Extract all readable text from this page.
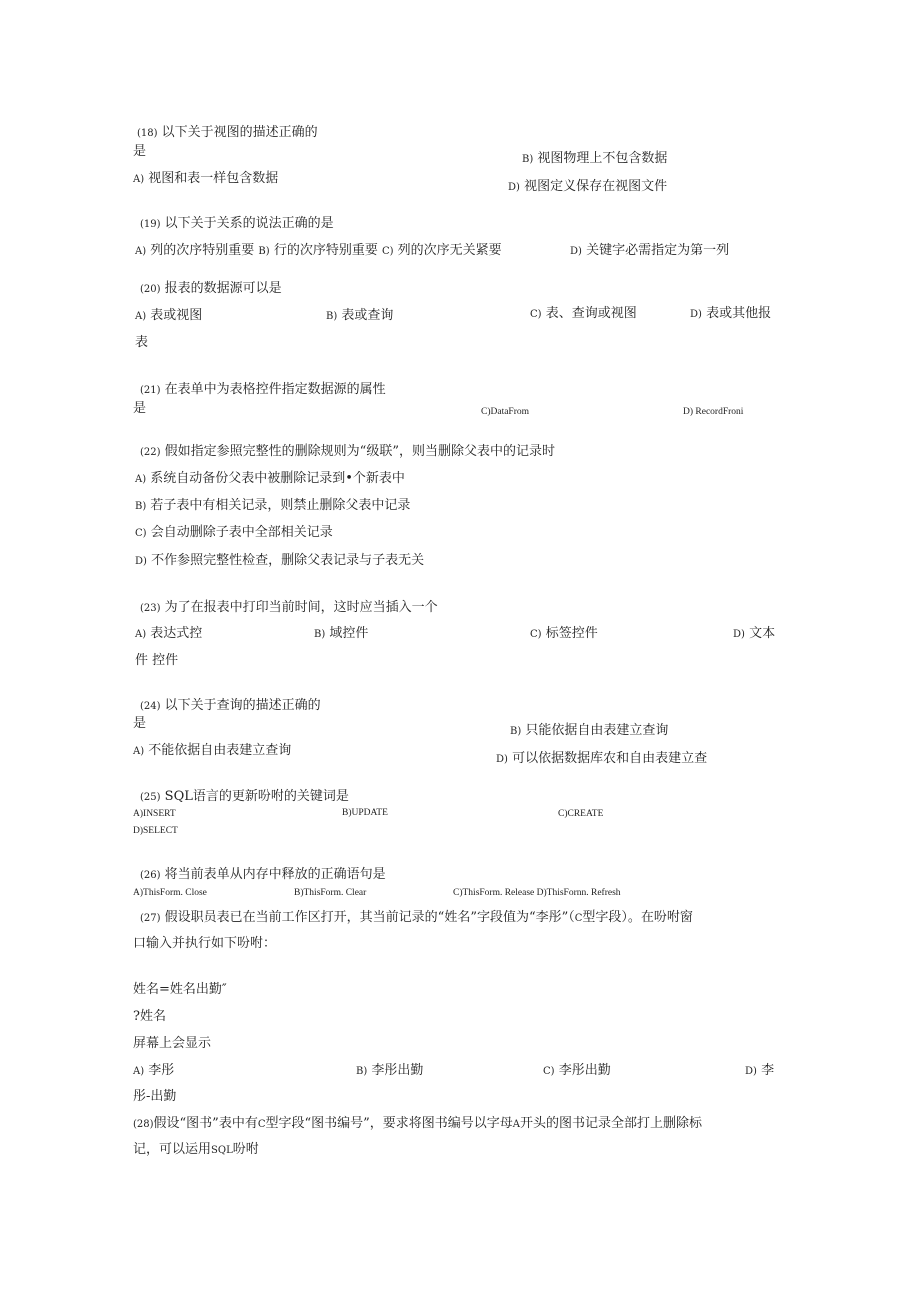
(18) 以下关于视图的描述正确的
是
B) 视图物理上不包含数据
A) 视图和表一样包含数据
D) 视图定义保存在视图文件
(19) 以下关于关系的说法正确的是
A) 列的次序特别重要 B) 行的次序特别重要 C) 列的次序无关紧要	D) 关键字必需指定为第一列
(20) 报表的数据源可以是
A) 表或视图	B) 表或查询	C) 表、查询或视图	D) 表或其他报
表
(21) 在表单中为表格控件指定数据源的属性
是	C)DataFrom	D) RecordFroni
(22) 假如指定参照完整性的删除规则为“级联”，则当删除父表中的记录时
A) 系统自动备份父表中被删除记录到•个新表中
B) 若子表中有相关记录，则禁止删除父表中记录
C) 会自动删除子表中全部相关记录
D) 不作参照完整性检查，删除父表记录与子表无关
(23) 为了在报表中打印当前时间，这时应当插入一个
A) 表达式控	B) 域控件	C) 标签控件	D) 文本
件 控件
(24) 以下关于查询的描述正确的
是
B) 只能依据自由表建立查询
A) 不能依据自由表建立查询
D) 可以依据数据库农和自由表建立查
(25) SQL语言的更新吩咐的关键词是
A)INSERT	B)UPDATE	C)CREATE
D)SELECT
(26) 将当前表单从内存中释放的正确语句是
A)ThisForm. Close	B)ThisForm. Clear	C)ThisForm. Release D)ThisFornn. Refresh
(27) 假设职员表已在当前工作区打开，其当前记录的“姓名”字段值为“李彤”（C型字段）。在吩咐窗
口输入并执行如下吩咐：
姓名=姓名出勤″
?姓名
屏幕上会显示
A) 李彤	B) 李彤出勤	C) 李彤出勤	D) 李
彤-出勤
(28)假设“图书”表中有C型字段“图书编号”，要求将图书编号以字母A开头的图书记录全部打上删除标
记，可以运用SQL吩咐
